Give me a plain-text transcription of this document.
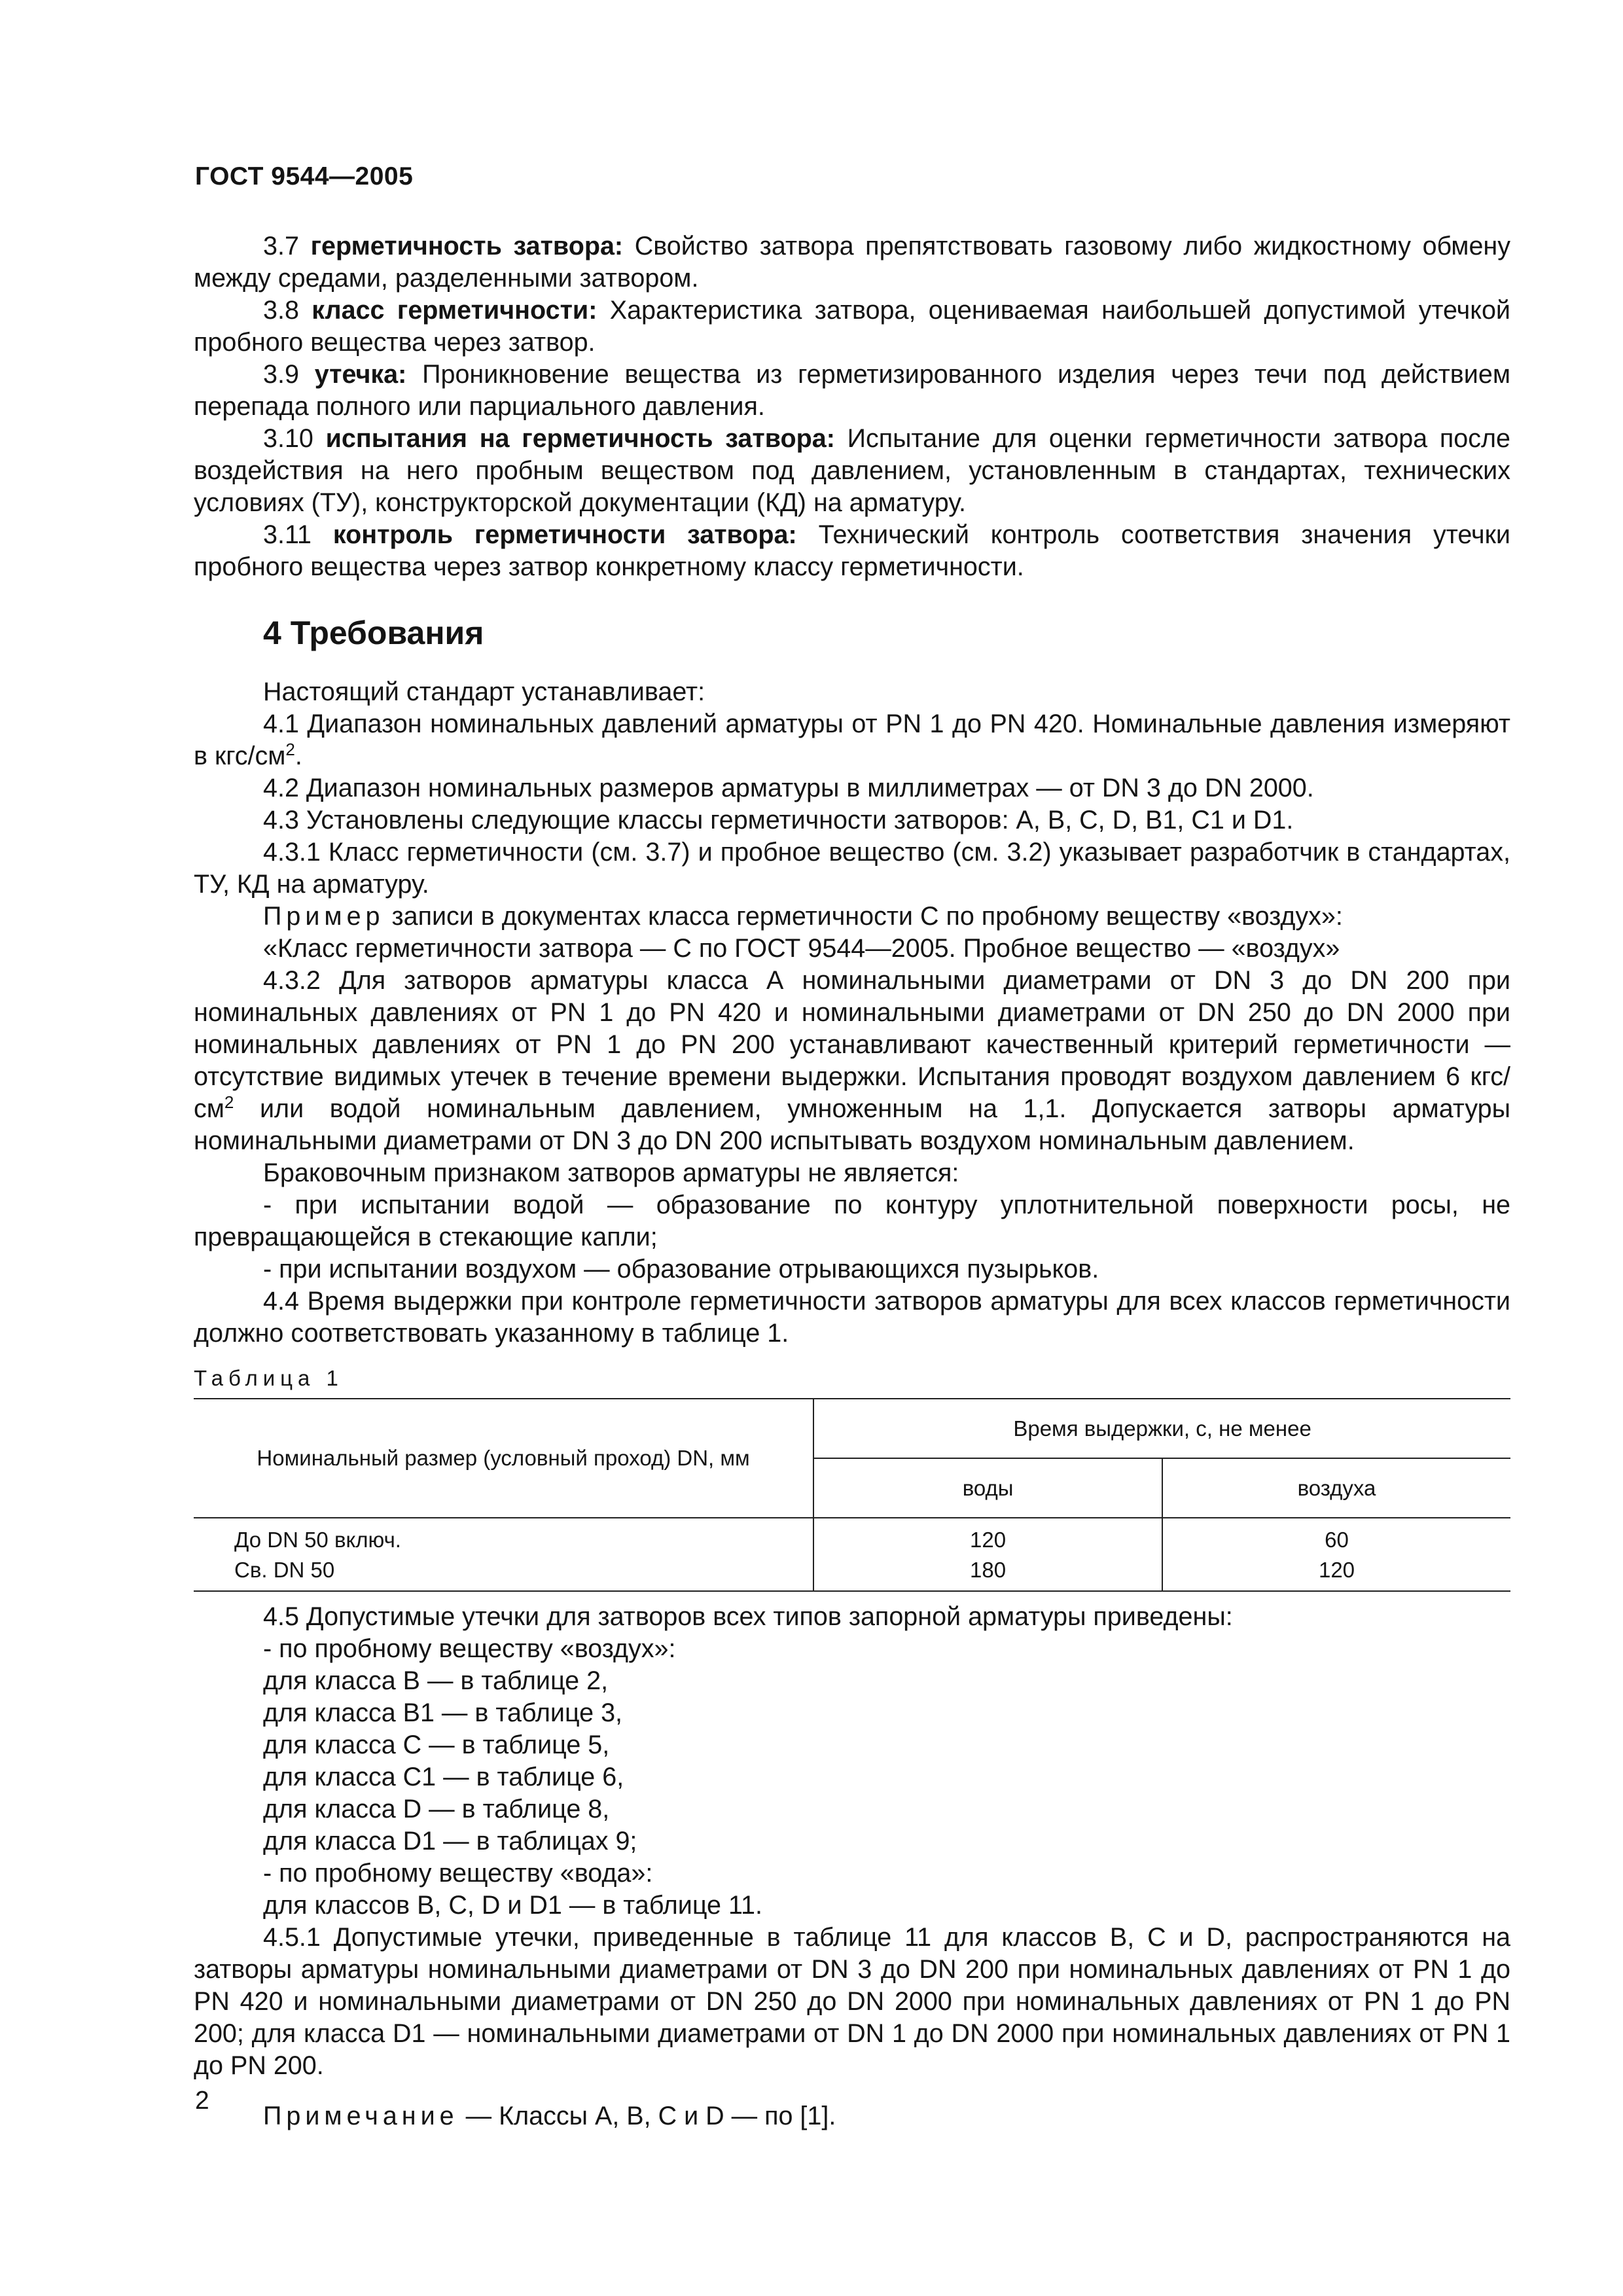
ГОСТ 9544—2005

3.7 герметичность затвора: Свойство затвора препятствовать газовому либо жидкостному обмену между средами, разделенными затвором.

3.8 класс герметичности: Характеристика затвора, оцениваемая наибольшей допустимой утечкой пробного вещества через затвор.

3.9 утечка: Проникновение вещества из герметизированного изделия через течи под действием перепада полного или парциального давления.

3.10 испытания на герметичность затвора: Испытание для оценки герметичности затвора после воздействия на него пробным веществом под давлением, установленным в стандартах, технических условиях (ТУ), конструкторской документации (КД) на арматуру.

3.11 контроль герметичности затвора: Технический контроль соответствия значения утечки пробного вещества через затвор конкретному классу герметичности.

4 Требования

Настоящий стандарт устанавливает:

4.1 Диапазон номинальных давлений арматуры от PN 1 до PN 420. Номинальные давления измеряют в кгс/$см^2$.

4.2 Диапазон номинальных размеров арматуры в миллиметрах — от DN 3 до DN 2000.

4.3 Установлены следующие классы герметичности затворов: А, В, С, D, В1, С1 и D1.

4.3.1 Класс герметичности (см. 3.7) и пробное вещество (см. 3.2) указывает разработчик в стандартах, ТУ, КД на арматуру.

Пример записи в документах класса герметичности С по пробному веществу «воздух»:

«Класс герметичности затвора — С по ГОСТ 9544—2005. Пробное вещество — «воздух»

4.3.2 Для затворов арматуры класса А номинальными диаметрами от DN 3 до DN 200 при номинальных давлениях от PN 1 до PN 420 и номинальными диаметрами от DN 250 до DN 2000 при номинальных давлениях от PN 1 до PN 200 устанавливают качественный критерий герметичности — отсутствие видимых утечек в течение времени выдержки. Испытания проводят воздухом давлением 6 кгс/$см^2$ или водой номинальным давлением, умноженным на 1,1. Допускается затворы арматуры номинальными диаметрами от DN 3 до DN 200 испытывать воздухом номинальным давлением.

Браковочным признаком затворов арматуры не является:

- при испытании водой — образование по контуру уплотнительной поверхности росы, не превращающейся в стекающие капли;

- при испытании воздухом — образование отрывающихся пузырьков.

4.4 Время выдержки при контроле герметичности затворов арматуры для всех классов герметичности должно соответствовать указанному в таблице 1.

Таблица 1
Номинальный размер (условный проход) DN, мм	Время выдержки, с, не менее	
	воды	воздуха
До DN 50 включ.	120	60
Св. DN 50	180	120

4.5 Допустимые утечки для затворов всех типов запорной арматуры приведены:

- по пробному веществу «воздух»:

для класса В — в таблице 2,

для класса В1 — в таблице 3,

для класса С — в таблице 5,

для класса С1 — в таблице 6,

для класса D — в таблице 8,

для класса D1 — в таблицах 9;

- по пробному веществу «вода»:

для классов В, С, D и D1 — в таблице 11.

4.5.1 Допустимые утечки, приведенные в таблице 11 для классов В, С и D, распространяются на затворы арматуры номинальными диаметрами от DN 3 до DN 200 при номинальных давлениях от PN 1 до PN 420 и номинальными диаметрами от DN 250 до DN 2000 при номинальных давлениях от PN 1 до PN 200; для класса D1 — номинальными диаметрами от DN 1 до DN 2000 при номинальных давлениях от PN 1 до PN 200.

Примечание — Классы А, В, С и D — по [1].

2
